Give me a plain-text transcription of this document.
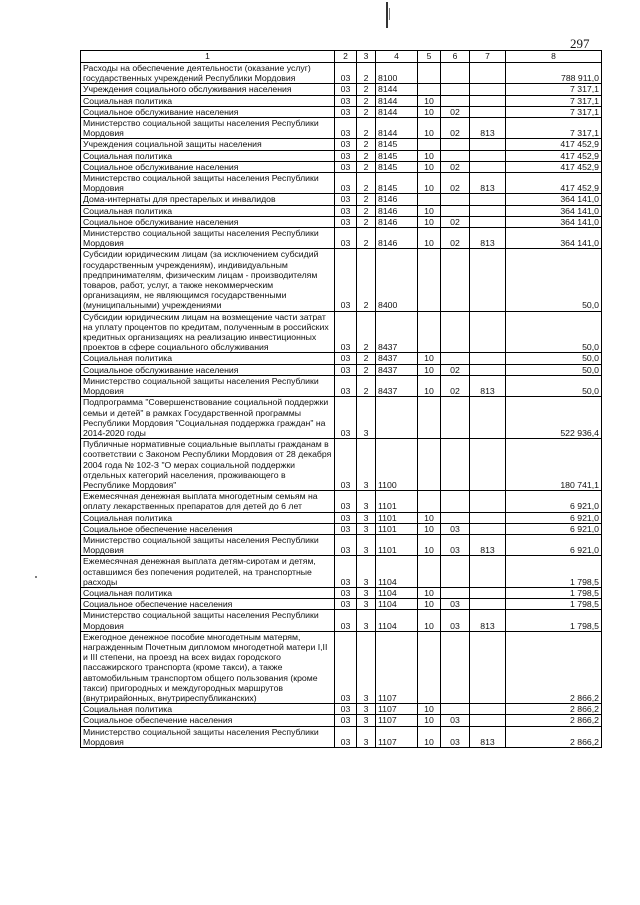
297
1	2	3	4	5	6	7	8
Расходы на обеспечение деятельности (оказание услуг) государственных учреждений Республики Мордовия	03	2	8100				788 911,0
Учреждения социального обслуживания населения	03	2	8144				7 317,1
Социальная политика	03	2	8144	10			7 317,1
Социальное обслуживание населения	03	2	8144	10	02		7 317,1
Министерство социальной защиты населения Республики Мордовия	03	2	8144	10	02	813	7 317,1
Учреждения социальной защиты населения	03	2	8145				417 452,9
Социальная политика	03	2	8145	10			417 452,9
Социальное обслуживание населения	03	2	8145	10	02		417 452,9
Министерство социальной защиты населения Республики Мордовия	03	2	8145	10	02	813	417 452,9
Дома-интернаты для престарелых и инвалидов	03	2	8146				364 141,0
Социальная политика	03	2	8146	10			364 141,0
Социальное обслуживание населения	03	2	8146	10	02		364 141,0
Министерство социальной защиты населения Республики Мордовия	03	2	8146	10	02	813	364 141,0
Субсидии юридическим лицам (за исключением субсидий государственным учреждениям), индивидуальным предпринимателям, физическим лицам - производителям товаров, работ, услуг, а также некоммерческим организациям, не являющимся государственными (муниципальными) учреждениями	03	2	8400				50,0
Субсидии юридическим лицам на возмещение части затрат на уплату процентов по кредитам, полученным в российских кредитных организациях на реализацию инвестиционных проектов в сфере социального обслуживания	03	2	8437				50,0
Социальная политика	03	2	8437	10			50,0
Социальное обслуживание населения	03	2	8437	10	02		50,0
Министерство социальной защиты населения Республики Мордовия	03	2	8437	10	02	813	50,0
Подпрограмма "Совершенствование социальной поддержки семьи и детей" в рамках Государственной программы Республики Мордовия "Социальная поддержка граждан" на 2014-2020 годы	03	3					522 936,4
Публичные нормативные социальные выплаты гражданам в соответствии с Законом Республики Мордовия от 28 декабря 2004 года № 102-З "О мерах социальной поддержки отдельных категорий населения, проживающего в Республике Мордовия"	03	3	1100				180 741,1
Ежемесячная денежная выплата многодетным семьям на оплату лекарственных препаратов для детей до 6 лет	03	3	1101				6 921,0
Социальная политика	03	3	1101	10			6 921,0
Социальное обеспечение населения	03	3	1101	10	03		6 921,0
Министерство социальной защиты населения Республики Мордовия	03	3	1101	10	03	813	6 921,0
Ежемесячная денежная выплата детям-сиротам и детям, оставшимся без попечения родителей, на транспортные расходы	03	3	1104				1 798,5
Социальная политика	03	3	1104	10			1 798,5
Социальное обеспечение населения	03	3	1104	10	03		1 798,5
Министерство социальной защиты населения Республики Мордовия	03	3	1104	10	03	813	1 798,5
Ежегодное денежное пособие многодетным матерям, награжденным Почетным дипломом многодетной матери I,II и III степени, на проезд на всех видах городского пассажирского транспорта (кроме такси), а также автомобильным транспортом общего пользования (кроме такси) пригородных и междугородных маршрутов (внутрирайонных, внутриреспубликанских)	03	3	1107				2 866,2
Социальная политика	03	3	1107	10			2 866,2
Социальное обеспечение населения	03	3	1107	10	03		2 866,2
Министерство социальной защиты населения Республики Мордовия	03	3	1107	10	03	813	2 866,2
